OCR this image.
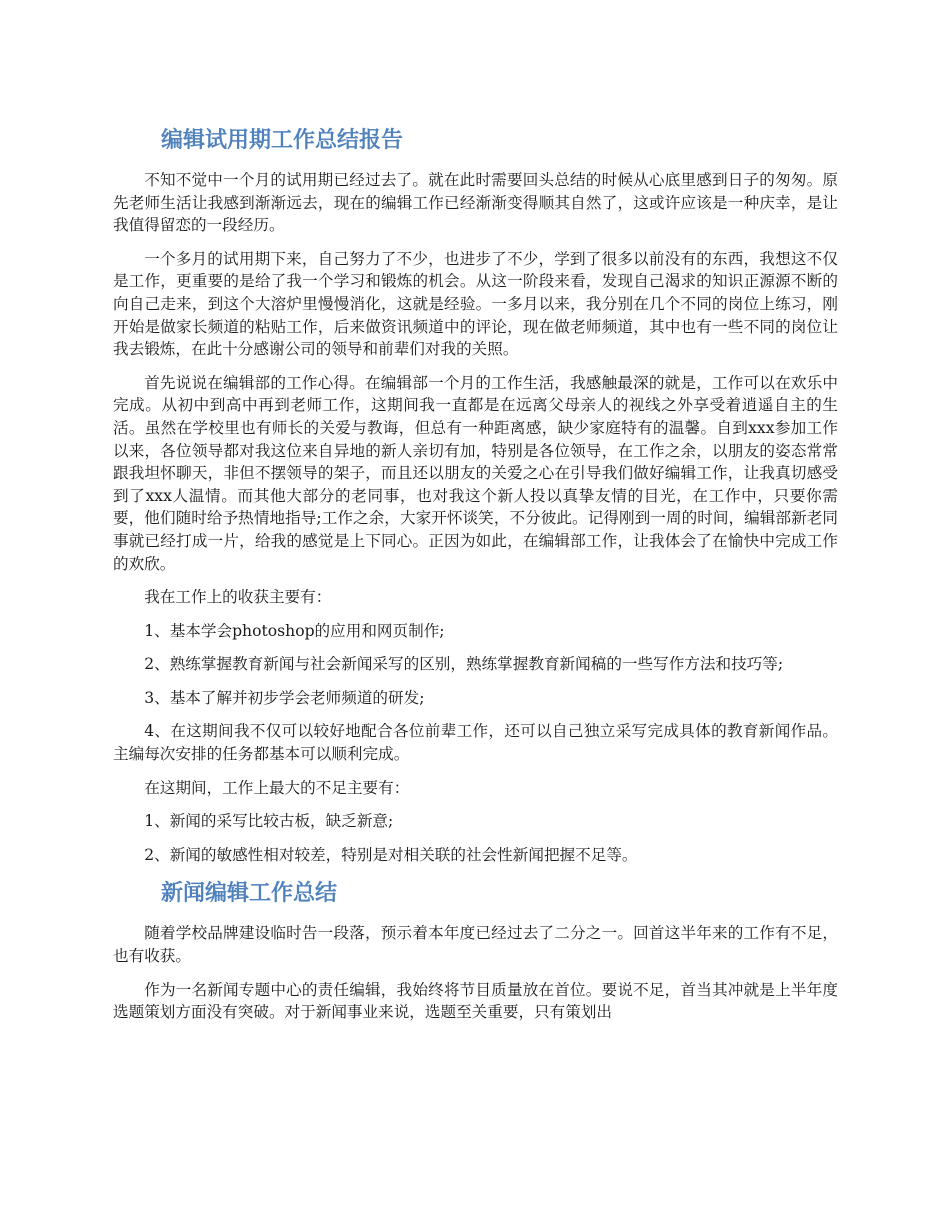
编辑试用期工作总结报告

不知不觉中一个月的试用期已经过去了。就在此时需要回头总结的时候从心底里感到日子的匆匆。原先老师生活让我感到渐渐远去，现在的编辑工作已经渐渐变得顺其自然了，这或许应该是一种庆幸，是让我值得留恋的一段经历。

一个多月的试用期下来，自己努力了不少，也进步了不少，学到了很多以前没有的东西，我想这不仅是工作，更重要的是给了我一个学习和锻炼的机会。从这一阶段来看，发现自己渴求的知识正源源不断的向自己走来，到这个大溶炉里慢慢消化，这就是经验。一多月以来，我分别在几个不同的岗位上练习，刚开始是做家长频道的粘贴工作，后来做资讯频道中的评论，现在做老师频道，其中也有一些不同的岗位让我去锻炼，在此十分感谢公司的领导和前辈们对我的关照。

首先说说在编辑部的工作心得。在编辑部一个月的工作生活，我感触最深的就是，工作可以在欢乐中完成。从初中到高中再到老师工作，这期间我一直都是在远离父母亲人的视线之外享受着逍遥自主的生活。虽然在学校里也有师长的关爱与教诲，但总有一种距离感，缺少家庭特有的温馨。自到xxx参加工作以来，各位领导都对我这位来自异地的新人亲切有加，特别是各位领导，在工作之余，以朋友的姿态常常跟我坦怀聊天，非但不摆领导的架子，而且还以朋友的关爱之心在引导我们做好编辑工作，让我真切感受到了xxx人温情。而其他大部分的老同事，也对我这个新人投以真挚友情的目光，在工作中，只要你需要，他们随时给予热情地指导;工作之余，大家开怀谈笑，不分彼此。记得刚到一周的时间，编辑部新老同事就已经打成一片，给我的感觉是上下同心。正因为如此，在编辑部工作，让我体会了在愉快中完成工作的欢欣。

我在工作上的收获主要有：

1、基本学会photoshop的应用和网页制作;

2、熟练掌握教育新闻与社会新闻采写的区别，熟练掌握教育新闻稿的一些写作方法和技巧等;

3、基本了解并初步学会老师频道的研发;

4、在这期间我不仅可以较好地配合各位前辈工作，还可以自己独立采写完成具体的教育新闻作品。主编每次安排的任务都基本可以顺利完成。

在这期间，工作上最大的不足主要有：

1、新闻的采写比较古板，缺乏新意;

2、新闻的敏感性相对较差，特别是对相关联的社会性新闻把握不足等。

新闻编辑工作总结

随着学校品牌建设临时告一段落，预示着本年度已经过去了二分之一。回首这半年来的工作有不足，也有收获。

作为一名新闻专题中心的责任编辑，我始终将节目质量放在首位。要说不足，首当其冲就是上半年度选题策划方面没有突破。对于新闻事业来说，选题至关重要，只有策划出
